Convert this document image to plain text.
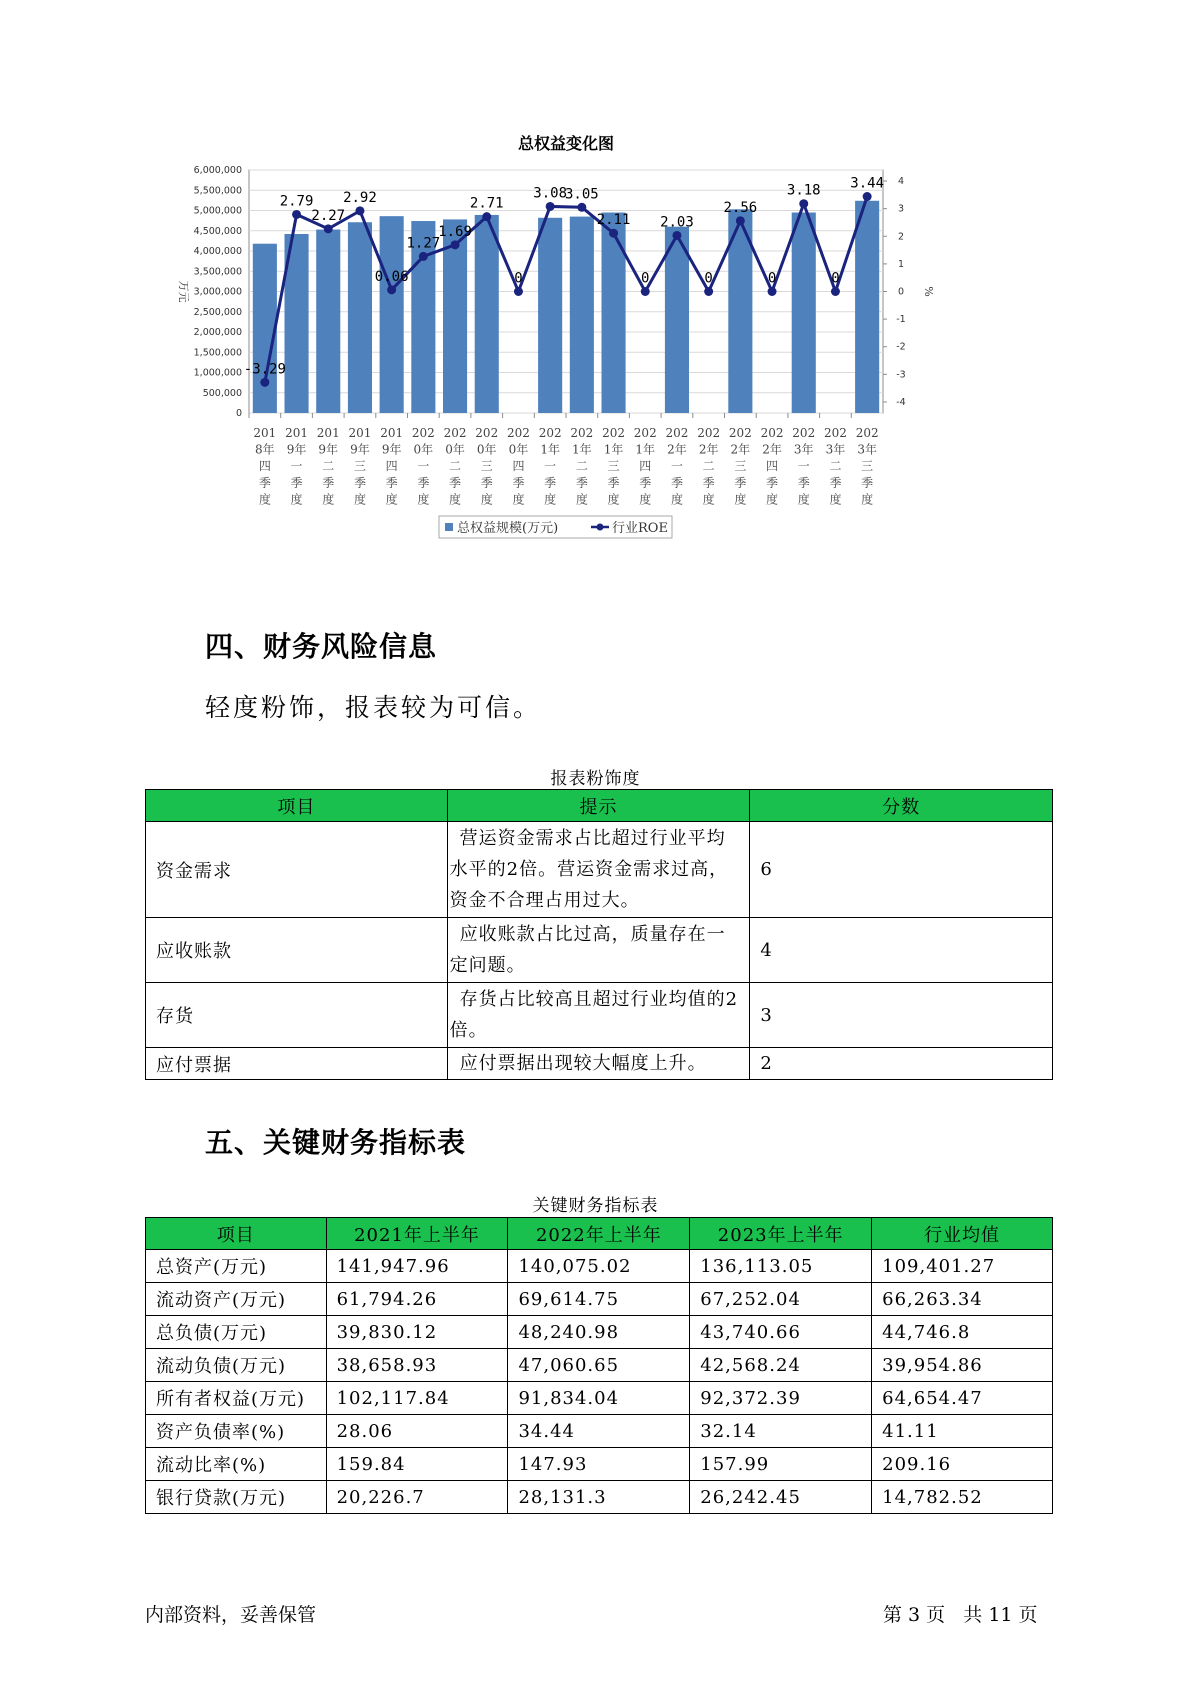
总权益变化图
6,000,000
5,500,000
5,000,000
4,500,000
4,000,000
3,500,000
3,000,000
2,500,000
2,000,000
1,500,000
1,000,000
500,000
0
4
3
2
1
0
-1
-2
-3
-4
万元	%
201
8年
四
季
度
201
9年
一
季
度
201
9年
二
季
度
201
9年
三
季
度
201
9年
四
季
度
202
0年
一
季
度
202
0年
二
季
度
202
0年
三
季
度
202
0年
四
季
度
202
1年
一
季
度
202
1年
二
季
度
202
1年
三
季
度
202
1年
四
季
度
202
2年
一
季
度
202
2年
二
季
度
202
2年
三
季
度
202
2年
四
季
度
202
3年
一
季
度
202
3年
二
季
度
202
3年
三
季
度
-3.29
2.79
2.27
2.92
0.06
1.27
1.69
2.71
0
3.08
3.05
2.11
0
2.03
0
2.56
0
3.18
0
3.44
总权益规模(万元)	行业ROE
四、财务风险信息
轻度粉饰，报表较为可信。
报表粉饰度
项目	提示	分数
资金需求	营运资金需求占比超过行业平均
水平的2倍。营运资金需求过高，
资金不合理占用过大。	6
应收账款	应收账款占比过高，质量存在一
定问题。	4
存货	存货占比较高且超过行业均值的2
倍。	3
应付票据	应付票据出现较大幅度上升。	2
五、关键财务指标表
关键财务指标表
项目	2021年上半年	2022年上半年	2023年上半年	行业均值
总资产(万元)	141,947.96	140,075.02	136,113.05	109,401.27
流动资产(万元)	61,794.26	69,614.75	67,252.04	66,263.34
总负债(万元)	39,830.12	48,240.98	43,740.66	44,746.8
流动负债(万元)	38,658.93	47,060.65	42,568.24	39,954.86
所有者权益(万元)	102,117.84	91,834.04	92,372.39	64,654.47
资产负债率(%)	28.06	34.44	32.14	41.11
流动比率(%)	159.84	147.93	157.99	209.16
银行贷款(万元)	20,226.7	28,131.3	26,242.45	14,782.52
内部资料，妥善保管	第 3 页   共 11 页
